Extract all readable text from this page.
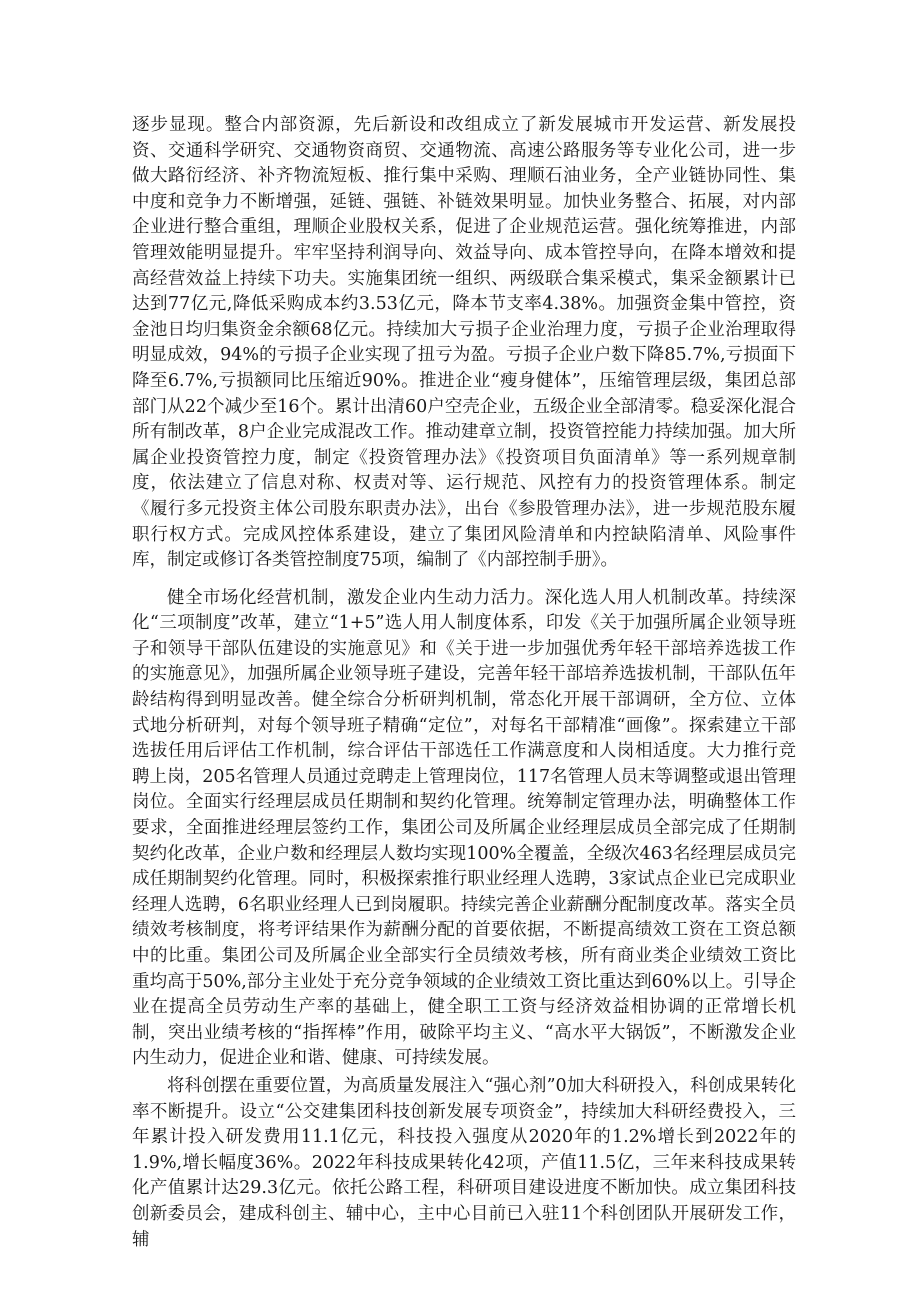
逐步显现。整合内部资源，先后新设和改组成立了新发展城市开发运营、新发展投资、交通科学研究、交通物资商贸、交通物流、高速公路服务等专业化公司，进一步做大路衍经济、补齐物流短板、推行集中采购、理顺石油业务，全产业链协同性、集中度和竞争力不断增强，延链、强链、补链效果明显。加快业务整合、拓展，对内部企业进行整合重组，理顺企业股权关系，促进了企业规范运营。强化统筹推进，内部管理效能明显提升。牢牢坚持利润导向、效益导向、成本管控导向，在降本增效和提高经营效益上持续下功夫。实施集团统一组织、两级联合集采模式，集采金额累计已达到77亿元,降低采购成本约3.53亿元，降本节支率4.38%。加强资金集中管控，资金池日均归集资金余额68亿元。持续加大亏损子企业治理力度，亏损子企业治理取得明显成效，94%的亏损子企业实现了扭亏为盈。亏损子企业户数下降85.7%,亏损面下降至6.7%,亏损额同比压缩近90%。推进企业“瘦身健体”，压缩管理层级，集团总部部门从22个减少至16个。累计出清60户空壳企业，五级企业全部清零。稳妥深化混合所有制改革，8户企业完成混改工作。推动建章立制，投资管控能力持续加强。加大所属企业投资管控力度，制定《投资管理办法》《投资项目负面清单》等一系列规章制度，依法建立了信息对称、权责对等、运行规范、风控有力的投资管理体系。制定《履行多元投资主体公司股东职责办法》，出台《参股管理办法》，进一步规范股东履职行权方式。完成风控体系建设，建立了集团风险清单和内控缺陷清单、风险事件库，制定或修订各类管控制度75项，编制了《内部控制手册》。

健全市场化经营机制，激发企业内生动力活力。深化选人用人机制改革。持续深化“三项制度”改革，建立“1+5”选人用人制度体系，印发《关于加强所属企业领导班子和领导干部队伍建设的实施意见》和《关于进一步加强优秀年轻干部培养选拔工作的实施意见》，加强所属企业领导班子建设，完善年轻干部培养选拔机制，干部队伍年龄结构得到明显改善。健全综合分析研判机制，常态化开展干部调研，全方位、立体式地分析研判，对每个领导班子精确“定位”，对每名干部精准“画像”。探索建立干部选拔任用后评估工作机制，综合评估干部选任工作满意度和人岗相适度。大力推行竞聘上岗，205名管理人员通过竞聘走上管理岗位，117名管理人员末等调整或退出管理岗位。全面实行经理层成员任期制和契约化管理。统筹制定管理办法，明确整体工作要求，全面推进经理层签约工作，集团公司及所属企业经理层成员全部完成了任期制契约化改革，企业户数和经理层人数均实现100%全覆盖，全级次463名经理层成员完成任期制契约化管理。同时，积极探索推行职业经理人选聘，3家试点企业已完成职业经理人选聘，6名职业经理人已到岗履职。持续完善企业薪酬分配制度改革。落实全员绩效考核制度，将考评结果作为薪酬分配的首要依据，不断提高绩效工资在工资总额中的比重。集团公司及所属企业全部实行全员绩效考核，所有商业类企业绩效工资比重均高于50%,部分主业处于充分竞争领域的企业绩效工资比重达到60%以上。引导企业在提高全员劳动生产率的基础上，健全职工工资与经济效益相协调的正常增长机制，突出业绩考核的“指挥棒”作用，破除平均主义、“高水平大锅饭”，不断激发企业内生动力，促进企业和谐、健康、可持续发展。

将科创摆在重要位置，为高质量发展注入“强心剂”0加大科研投入，科创成果转化率不断提升。设立“公交建集团科技创新发展专项资金”，持续加大科研经费投入，三年累计投入研发费用11.1亿元，科技投入强度从2020年的1.2%增长到2022年的1.9%,增长幅度36%。2022年科技成果转化42项，产值11.5亿，三年来科技成果转化产值累计达29.3亿元。依托公路工程，科研项目建设进度不断加快。成立集团科技创新委员会，建成科创主、辅中心，主中心目前已入驻11个科创团队开展研发工作，辅
